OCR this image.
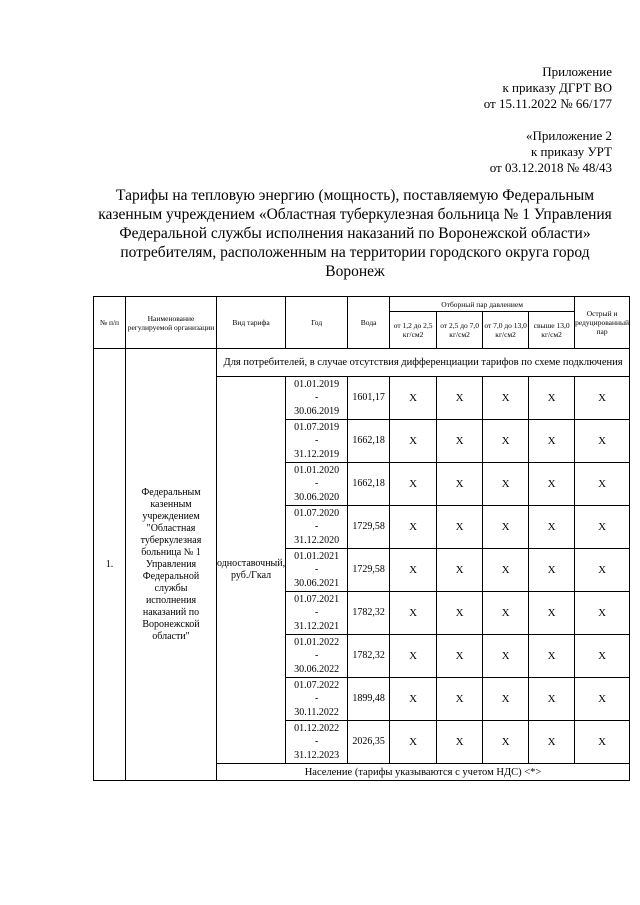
Приложение
к приказу ДГРТ ВО
от 15.11.2022 № 66/177
«Приложение 2
к приказу УРТ
от 03.12.2018 № 48/43
Тарифы на тепловую энергию (мощность), поставляемую Федеральным казенным учреждением «Областная туберкулезная больница № 1 Управления Федеральной службы исполнения наказаний по Воронежской области» потребителям, расположенным на территории городского округа город Воронеж
№ п/п	Наименование регулируемой организации	Вид тарифа	Год	Вода	Отборный пар давлением				Острый и редуцированный пар
					от 1,2 до 2,5 кг/см2	от 2,5 до 7,0 кг/см2	от 7,0 до 13,0 кг/см2	свыше 13,0 кг/см2	
1.	Федеральным казенным учреждением "Областная туберкулезная больница № 1 Управления Федеральной службы исполнения наказаний по Воронежской области"	Для потребителей, в случае отсутствия дифференциации тарифов по схеме подключения							
		одноставочный, руб./Гкал	01.01.2019
-
30.06.2019	1601,17	X	X	X	X	X

			01.07.2019
-
31.12.2019	1662,18	X	X	X	X	X

			01.01.2020
-
30.06.2020	1662,18	X	X	X	X	X

			01.07.2020
-
31.12.2020	1729,58	X	X	X	X	X

			01.01.2021
-
30.06.2021	1729,58	X	X	X	X	X

			01.07.2021
-
31.12.2021	1782,32	X	X	X	X	X

			01.01.2022
-
30.06.2022	1782,32	X	X	X	X	X

			01.07.2022
-
30.11.2022	1899,48	X	X	X	X	X

			01.12.2022
-
31.12.2023	2026,35	X	X	X	X	X
		Население (тарифы указываются с учетом НДС) <*>							
